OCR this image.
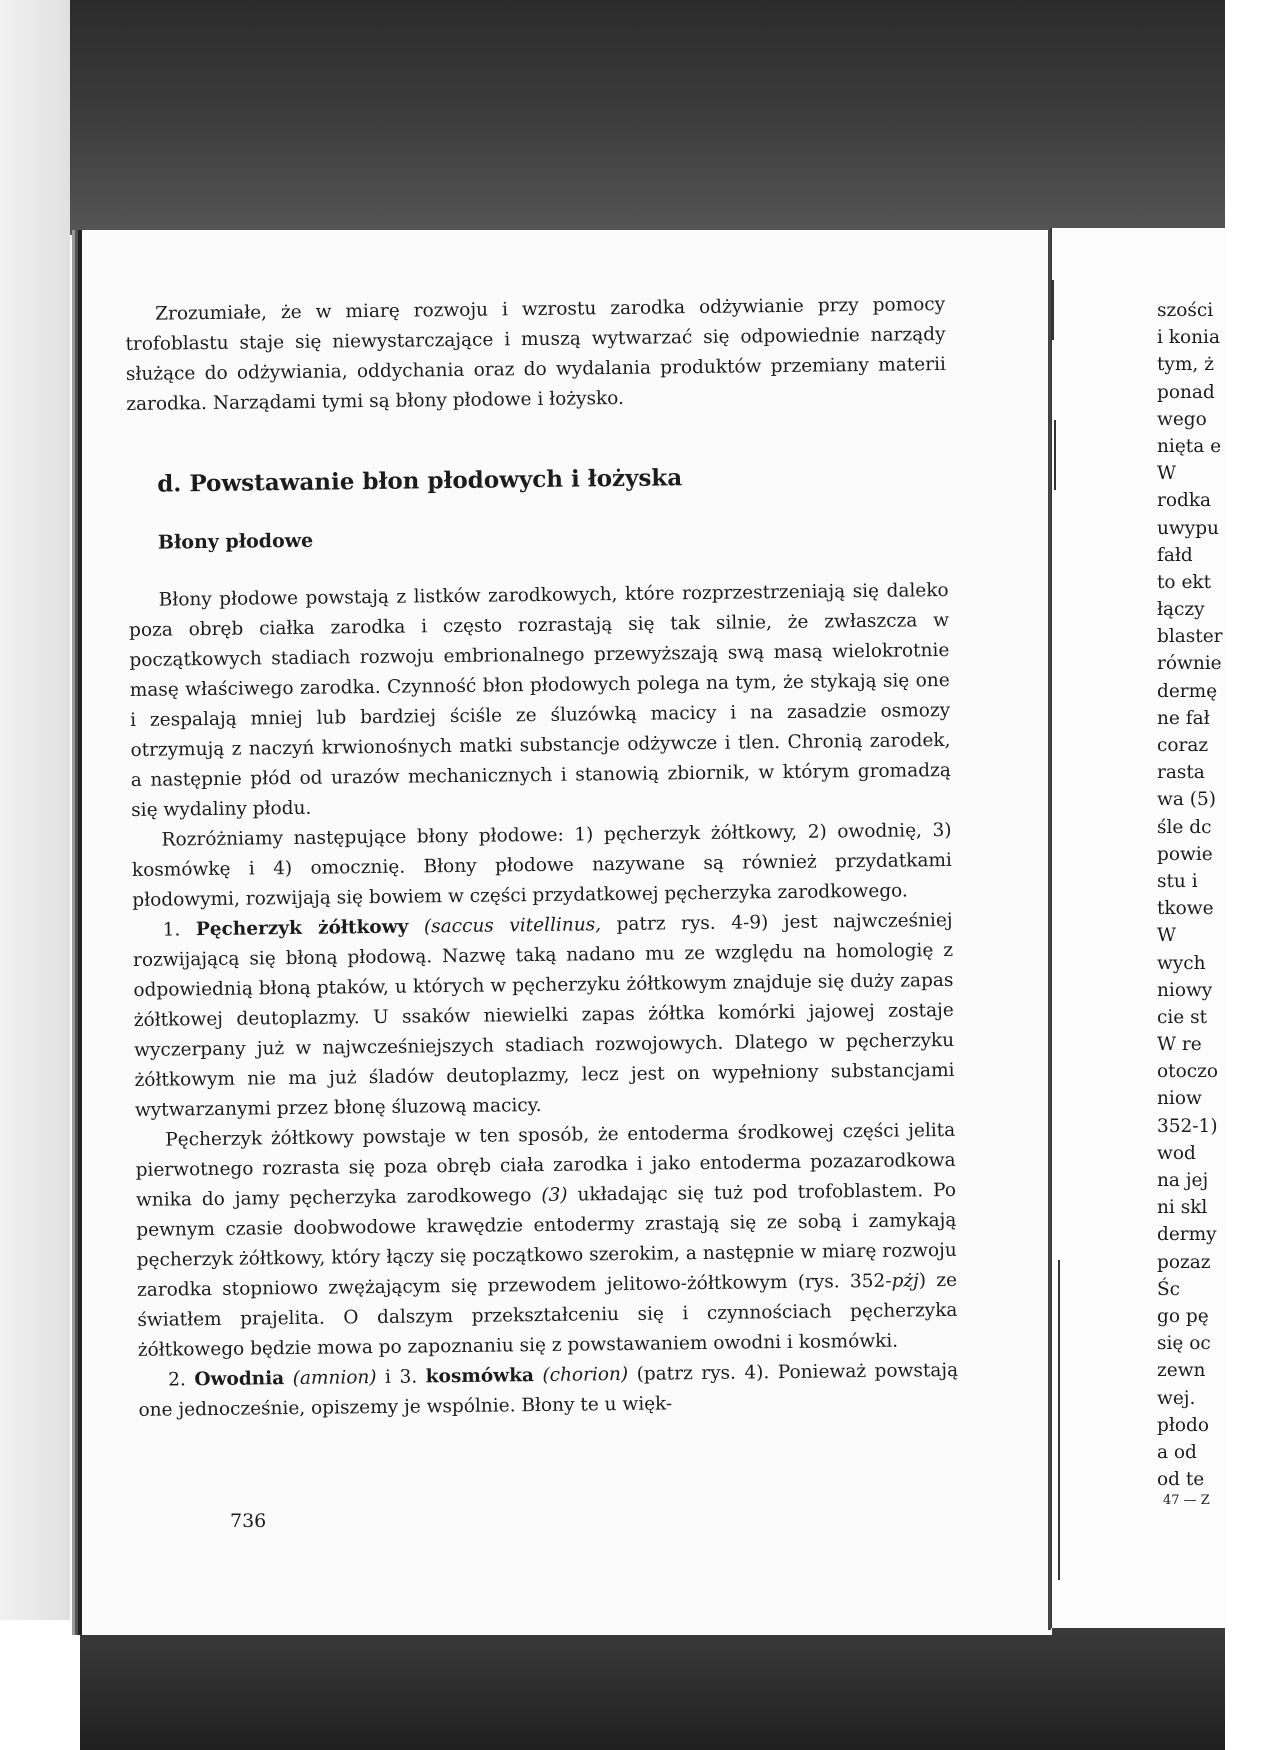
Zrozumiałe, że w miarę rozwoju i wzrostu zarodka odżywianie przy pomocy trofoblastu staje się niewystarczające i muszą wytwarzać się odpowiednie narządy służące do odżywiania, oddychania oraz do wydalania produktów przemiany materii zarodka. Narządami tymi są błony płodowe i łożysko.

d. Powstawanie błon płodowych i łożyska
Błony płodowe

Błony płodowe powstają z listków zarodkowych, które rozprzestrzeniają się daleko poza obręb ciałka zarodka i często rozrastają się tak silnie, że zwłaszcza w początkowych stadiach rozwoju embrionalnego przewyższają swą masą wielokrotnie masę właściwego zarodka. Czynność błon płodowych polega na tym, że stykają się one i zespalają mniej lub bardziej ściśle ze śluzówką macicy i na zasadzie osmozy otrzymują z naczyń krwionośnych matki substancje odżywcze i tlen. Chronią zarodek, a następnie płód od urazów mechanicznych i stanowią zbiornik, w którym gromadzą się wydaliny płodu.

Rozróżniamy następujące błony płodowe: 1) pęcherzyk żółtkowy, 2) owodnię, 3) kosmówkę i 4) omocznię. Błony płodowe nazywane są również przydatkami płodowymi, rozwijają się bowiem w części przydatkowej pęcherzyka zarodkowego.

1. Pęcherzyk żółtkowy (saccus vitellinus, patrz rys. 4-9) jest najwcześniej rozwijającą się błoną płodową. Nazwę taką nadano mu ze względu na homologię z odpowiednią błoną ptaków, u których w pęcherzyku żółtkowym znajduje się duży zapas żółtkowej deutoplazmy. U ssaków niewielki zapas żółtka komórki jajowej zostaje wyczerpany już w najwcześniejszych stadiach rozwojowych. Dlatego w pęcherzyku żółtkowym nie ma już śladów deutoplazmy, lecz jest on wypełniony substancjami wytwarzanymi przez błonę śluzową macicy.

Pęcherzyk żółtkowy powstaje w ten sposób, że entoderma środkowej części jelita pierwotnego rozrasta się poza obręb ciała zarodka i jako entoderma pozazarodkowa wnika do jamy pęcherzyka zarodkowego (3) układając się tuż pod trofoblastem. Po pewnym czasie doobwodowe krawędzie entodermy zrastają się ze sobą i zamykają pęcherzyk żółtkowy, który łączy się początkowo szerokim, a następnie w miarę rozwoju zarodka stopniowo zwężającym się przewodem jelitowo-żółtkowym (rys. 352-pżj) ze światłem prajelita. O dalszym przekształceniu się i czynnościach pęcherzyka żółtkowego będzie mowa po zapoznaniu się z powstawaniem owodni i kosmówki.

2. Owodnia (amnion) i 3. kosmówka (chorion) (patrz rys. 4). Ponieważ powstają one jednocześnie, opiszemy je wspólnie. Błony te u więk-

736
szości
i konia
tym, ż
ponad
wego
nięta e
W
rodka
uwypu
fałd
to ekt
łączy
blaster
równie
dermę
ne fał
coraz
rasta
wa (5)
śle dc
powie
stu i
tkowe
W
wych
niowy
cie st
W re
otoczo
niow
352-1)
wod
na jej
ni skl
dermy
pozaz
Śc
go pę
się oc
zewn
wej.
płodo
a od
od te
47 — Z
